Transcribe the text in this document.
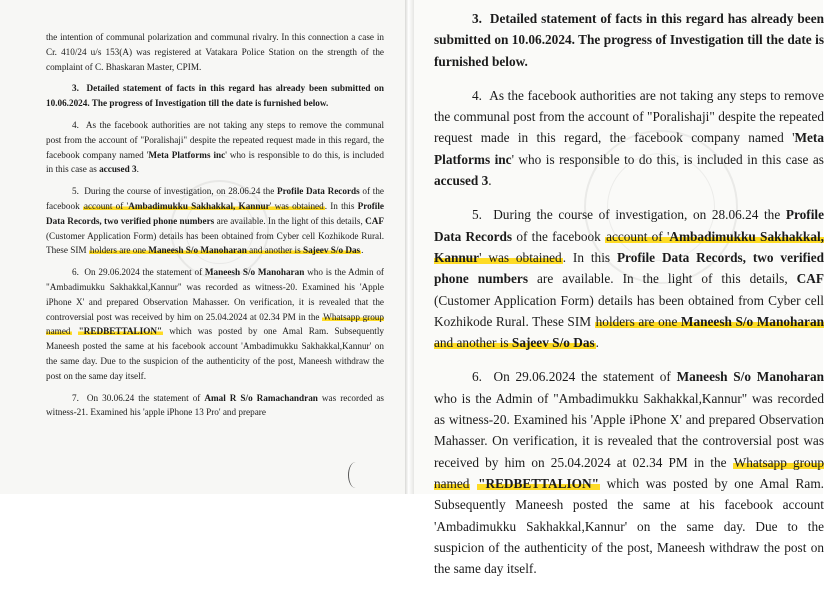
the intention of communal polarization and communal rivalry. In this connection a case in Cr. 410/24 u/s 153(A) was registered at Vatakara Police Station on the strength of the complaint of C. Bhaskaran Master, CPIM.

3. Detailed statement of facts in this regard has already been submitted on 10.06.2024. The progress of Investigation till the date is furnished below.

4. As the facebook authorities are not taking any steps to remove the communal post from the account of "Poralishaji" despite the repeated request made in this regard, the facebook company named 'Meta Platforms inc' who is responsible to do this, is included in this case as accused 3.

5. During the course of investigation, on 28.06.24 the Profile Data Records of the facebook account of 'Ambadimukku Sakhakkal, Kannur' was obtained. In this Profile Data Records, two verified phone numbers are available. In the light of this details, CAF (Customer Application Form) details has been obtained from Cyber cell Kozhikode Rural. These SIM holders are one Maneesh S/o Manoharan and another is Sajeev S/o Das.

6. On 29.06.2024 the statement of Maneesh S/o Manoharan who is the Admin of "Ambadimukku Sakhakkal,Kannur" was recorded as witness-20. Examined his 'Apple iPhone X' and prepared Observation Mahasser. On verification, it is revealed that the controversial post was received by him on 25.04.2024 at 02.34 PM in the Whatsapp group named "REDBETTALION" which was posted by one Amal Ram. Subsequently Maneesh posted the same at his facebook account 'Ambadimukku Sakhakkal,Kannur' on the same day. Due to the suspicion of the authenticity of the post, Maneesh withdraw the post on the same day itself.

7. On 30.06.24 the statement of Amal R S/o Ramachandran was recorded as witness-21. Examined his 'apple iPhone 13 Pro' and prepare

3. Detailed statement of facts in this regard has already been submitted on 10.06.2024. The progress of Investigation till the date is furnished below.

4. As the facebook authorities are not taking any steps to remove the communal post from the account of "Poralishaji" despite the repeated request made in this regard, the facebook company named 'Meta Platforms inc' who is responsible to do this, is included in this case as accused 3.

5. During the course of investigation, on 28.06.24 the Profile Data Records of the facebook account of 'Ambadimukku Sakhakkal, Kannur' was obtained. In this Profile Data Records, two verified phone numbers are available. In the light of this details, CAF (Customer Application Form) details has been obtained from Cyber cell Kozhikode Rural. These SIM holders are one Maneesh S/o Manoharan and another is Sajeev S/o Das.

6. On 29.06.2024 the statement of Maneesh S/o Manoharan who is the Admin of "Ambadimukku Sakhakkal,Kannur" was recorded as witness-20. Examined his 'Apple iPhone X' and prepared Observation Mahasser. On verification, it is revealed that the controversial post was received by him on 25.04.2024 at 02.34 PM in the Whatsapp group named "REDBETTALION" which was posted by one Amal Ram. Subsequently Maneesh posted the same at his facebook account 'Ambadimukku Sakhakkal,Kannur' on the same day. Due to the suspicion of the authenticity of the post, Maneesh withdraw the post on the same day itself.
